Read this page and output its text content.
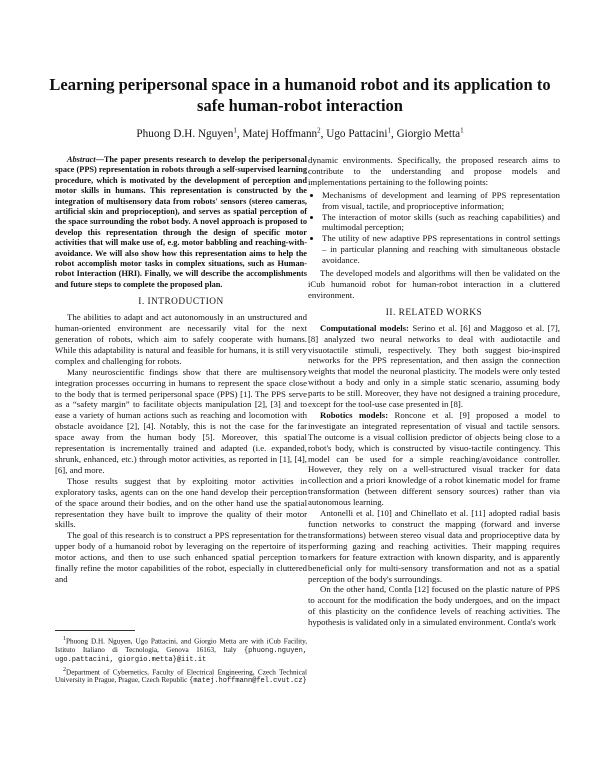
Learning peripersonal space in a humanoid robot and its application to safe human-robot interaction
Phuong D.H. Nguyen$^1$, Matej Hoffmann$^2$, Ugo Pattacini$^1$, Giorgio Metta$^1$

Abstract—The paper presents research to develop the peripersonal space (PPS) representation in robots through a self-supervised learning procedure, which is motivated by the development of perception and motor skills in humans. This representation is constructed by the integration of multisensory data from robots' sensors (stereo cameras, artificial skin and proprioception), and serves as spatial perception of the space surrounding the robot body. A novel approach is proposed to develop this representation through the design of specific motor activities that will make use of, e.g. motor babbling and reaching-with-avoidance. We will also show how this representation aims to help the robot accomplish motor tasks in complex situations, such as Human-robot Interaction (HRI). Finally, we will describe the accomplishments and future steps to complete the proposed plan.

I. INTRODUCTION

The abilities to adapt and act autonomously in an unstructured and human-oriented environment are necessarily vital for the next generation of robots, which aim to safely cooperate with humans. While this adaptability is natural and feasible for humans, it is still very complex and challenging for robots.

Many neuroscientific findings show that there are multisensory integration processes occurring in humans to represent the space close to the body that is termed peripersonal space (PPS) [1]. The PPS serve as a “safety margin” to facilitate objects manipulation [2], [3] and to ease a variety of human actions such as reaching and locomotion with obstacle avoidance [2], [4]. Notably, this is not the case for the far space away from the human body [5]. Moreover, this spatial representation is incrementally trained and adapted (i.e. expanded, shrunk, enhanced, etc.) through motor activities, as reported in [1], [4], [6], and more.

Those results suggest that by exploiting motor activities in exploratory tasks, agents can on the one hand develop their perception of the space around their bodies, and on the other hand use the spatial representation they have built to improve the quality of their motor skills.

The goal of this research is to construct a PPS representation for the upper body of a humanoid robot by leveraging on the repertoire of its motor actions, and then to use such enhanced spatial perception to finally refine the motor capabilities of the robot, especially in cluttered and

$^1$Phuong D.H. Nguyen, Ugo Pattacini, and Giorgio Metta are with iCub Facility, Istituto Italiano di Tecnologia, Genova 16163, Italy {phuong.nguyen, ugo.pattacini, giorgio.metta}@iit.it

$^2$Department of Cybernetics, Faculty of Electrical Engineering, Czech Technical University in Prague, Prague, Czech Republic {matej.hoffmann@fel.cvut.cz}

dynamic environments. Specifically, the proposed research aims to contribute to the understanding and propose models and implementations pertaining to the following points:

• Mechanisms of development and learning of PPS representation from visual, tactile, and proprioceptive information;
• The interaction of motor skills (such as reaching capabilities) and multimodal perception;
• The utility of new adaptive PPS representations in control settings – in particular planning and reaching with simultaneous obstacle avoidance.

The developed models and algorithms will then be validated on the iCub humanoid robot for human-robot interaction in a cluttered environment.

II. RELATED WORKS

Computational models: Serino et al. [6] and Maggoso et al. [7], [8] analyzed two neural networks to deal with audiotactile and visuotactile stimuli, respectively. They both suggest bio-inspired networks for the PPS representation, and then assign the connection weights that model the neuronal plasticity. The models were only tested without a body and only in a simple static scenario, assuming body parts to be still. Moreover, they have not designed a training procedure, except for the tool-use case presented in [8].

Robotics models: Roncone et al. [9] proposed a model to investigate an integrated representation of visual and tactile sensors. The outcome is a visual collision predictor of objects being close to a robot's body, which is constructed by visuo-tactile contingency. This model can be used for a simple reaching/avoidance controller. However, they rely on a well-structured visual tracker for data collection and a priori knowledge of a robot kinematic model for frame transformation (between different sensory sources) rather than via autonomous learning.

Antonelli et al. [10] and Chinellato et al. [11] adopted radial basis function networks to construct the mapping (forward and inverse transformations) between stereo visual data and proprioceptive data by performing gazing and reaching activities. Their mapping requires markers for feature extraction with known disparity, and is apparently beneficial only for multi-sensory transformation and not as a spatial perception of the body's surroundings.

On the other hand, Contla [12] focused on the plastic nature of PPS to account for the modification the body undergoes, and on the impact of this plasticity on the confidence levels of reaching activities. The hypothesis is validated only in a simulated environment. Contla's work
